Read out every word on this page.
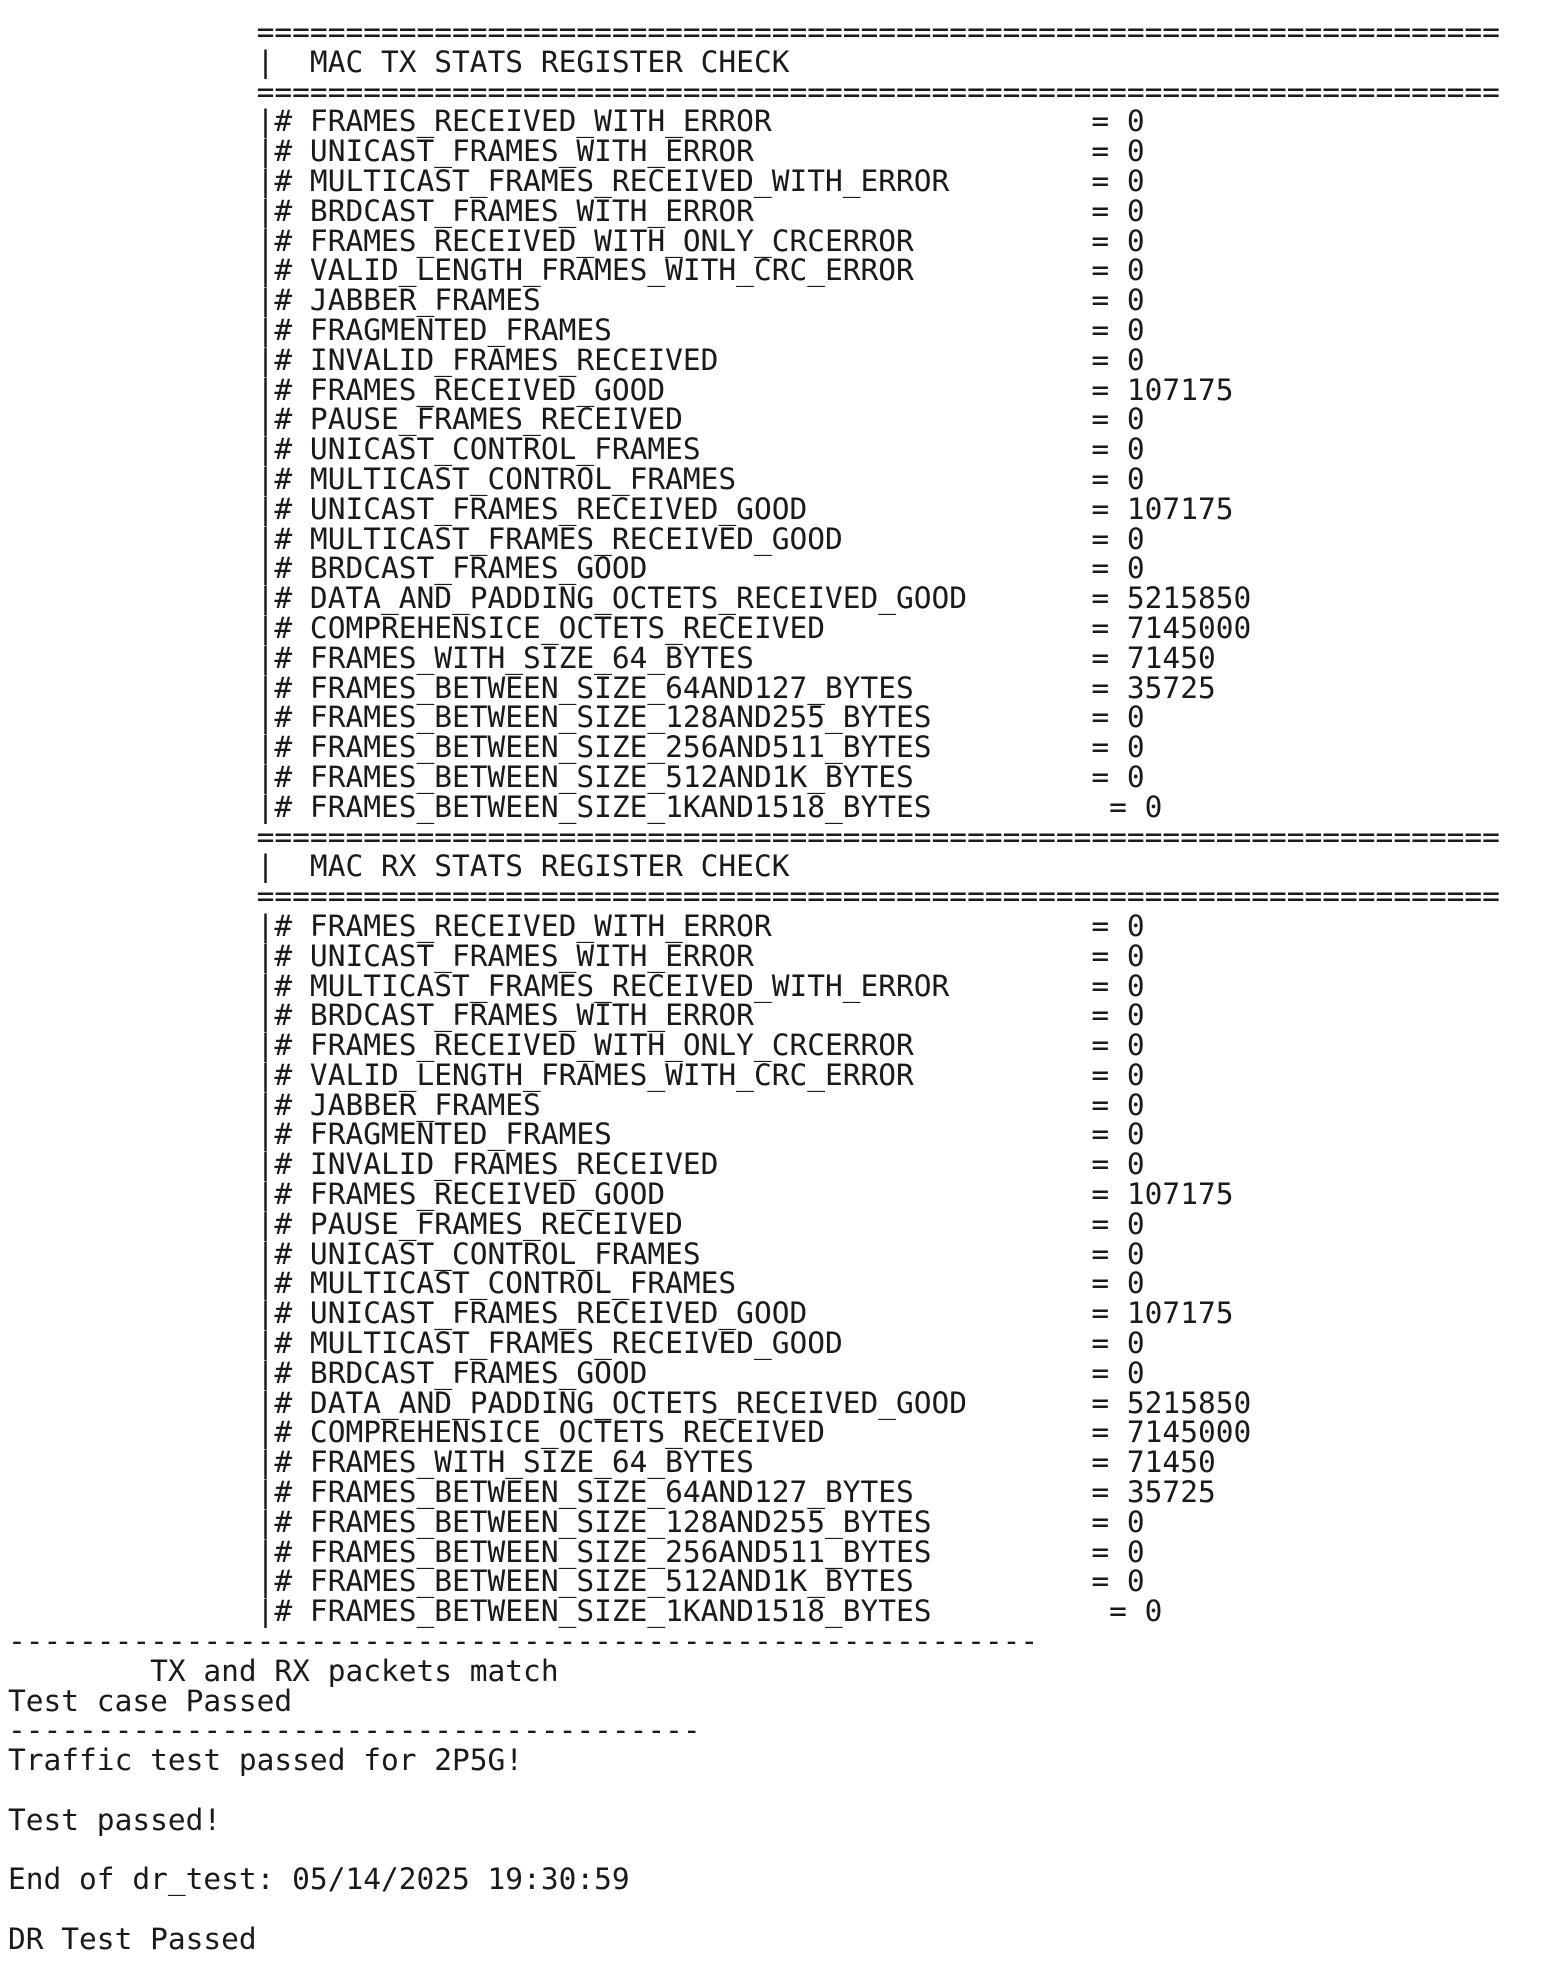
======================================================================
|  MAC TX STATS REGISTER CHECK
======================================================================
|# FRAMES_RECEIVED_WITH_ERROR                  = 0
|# UNICAST_FRAMES_WITH_ERROR                   = 0
|# MULTICAST_FRAMES_RECEIVED_WITH_ERROR        = 0
|# BRDCAST_FRAMES_WITH_ERROR                   = 0
|# FRAMES_RECEIVED_WITH_ONLY_CRCERROR          = 0
|# VALID_LENGTH_FRAMES_WITH_CRC_ERROR          = 0
|# JABBER_FRAMES                               = 0
|# FRAGMENTED_FRAMES                           = 0
|# INVALID_FRAMES_RECEIVED                     = 0
|# FRAMES_RECEIVED_GOOD                        = 107175
|# PAUSE_FRAMES_RECEIVED                       = 0
|# UNICAST_CONTROL_FRAMES                      = 0
|# MULTICAST_CONTROL_FRAMES                    = 0
|# UNICAST_FRAMES_RECEIVED_GOOD                = 107175
|# MULTICAST_FRAMES_RECEIVED_GOOD              = 0
|# BRDCAST_FRAMES_GOOD                         = 0
|# DATA_AND_PADDING_OCTETS_RECEIVED_GOOD       = 5215850
|# COMPREHENSICE_OCTETS_RECEIVED               = 7145000
|# FRAMES_WITH_SIZE_64_BYTES                   = 71450
|# FRAMES_BETWEEN_SIZE_64AND127_BYTES          = 35725
|# FRAMES_BETWEEN_SIZE_128AND255_BYTES         = 0
|# FRAMES_BETWEEN_SIZE_256AND511_BYTES         = 0
|# FRAMES_BETWEEN_SIZE_512AND1K_BYTES          = 0
|# FRAMES_BETWEEN_SIZE_1KAND1518_BYTES          = 0
======================================================================
|  MAC RX STATS REGISTER CHECK
======================================================================
|# FRAMES_RECEIVED_WITH_ERROR                  = 0
|# UNICAST_FRAMES_WITH_ERROR                   = 0
|# MULTICAST_FRAMES_RECEIVED_WITH_ERROR        = 0
|# BRDCAST_FRAMES_WITH_ERROR                   = 0
|# FRAMES_RECEIVED_WITH_ONLY_CRCERROR          = 0
|# VALID_LENGTH_FRAMES_WITH_CRC_ERROR          = 0
|# JABBER_FRAMES                               = 0
|# FRAGMENTED_FRAMES                           = 0
|# INVALID_FRAMES_RECEIVED                     = 0
|# FRAMES_RECEIVED_GOOD                        = 107175
|# PAUSE_FRAMES_RECEIVED                       = 0
|# UNICAST_CONTROL_FRAMES                      = 0
|# MULTICAST_CONTROL_FRAMES                    = 0
|# UNICAST_FRAMES_RECEIVED_GOOD                = 107175
|# MULTICAST_FRAMES_RECEIVED_GOOD              = 0
|# BRDCAST_FRAMES_GOOD                         = 0
|# DATA_AND_PADDING_OCTETS_RECEIVED_GOOD       = 5215850
|# COMPREHENSICE_OCTETS_RECEIVED               = 7145000
|# FRAMES_WITH_SIZE_64_BYTES                   = 71450
|# FRAMES_BETWEEN_SIZE_64AND127_BYTES          = 35725
|# FRAMES_BETWEEN_SIZE_128AND255_BYTES         = 0
|# FRAMES_BETWEEN_SIZE_256AND511_BYTES         = 0
|# FRAMES_BETWEEN_SIZE_512AND1K_BYTES          = 0
|# FRAMES_BETWEEN_SIZE_1KAND1518_BYTES          = 0
----------------------------------------------------------
TX and RX packets match
Test case Passed
---------------------------------------
Traffic test passed for 2P5G!

Test passed!

End of dr_test: 05/14/2025 19:30:59

DR Test Passed
